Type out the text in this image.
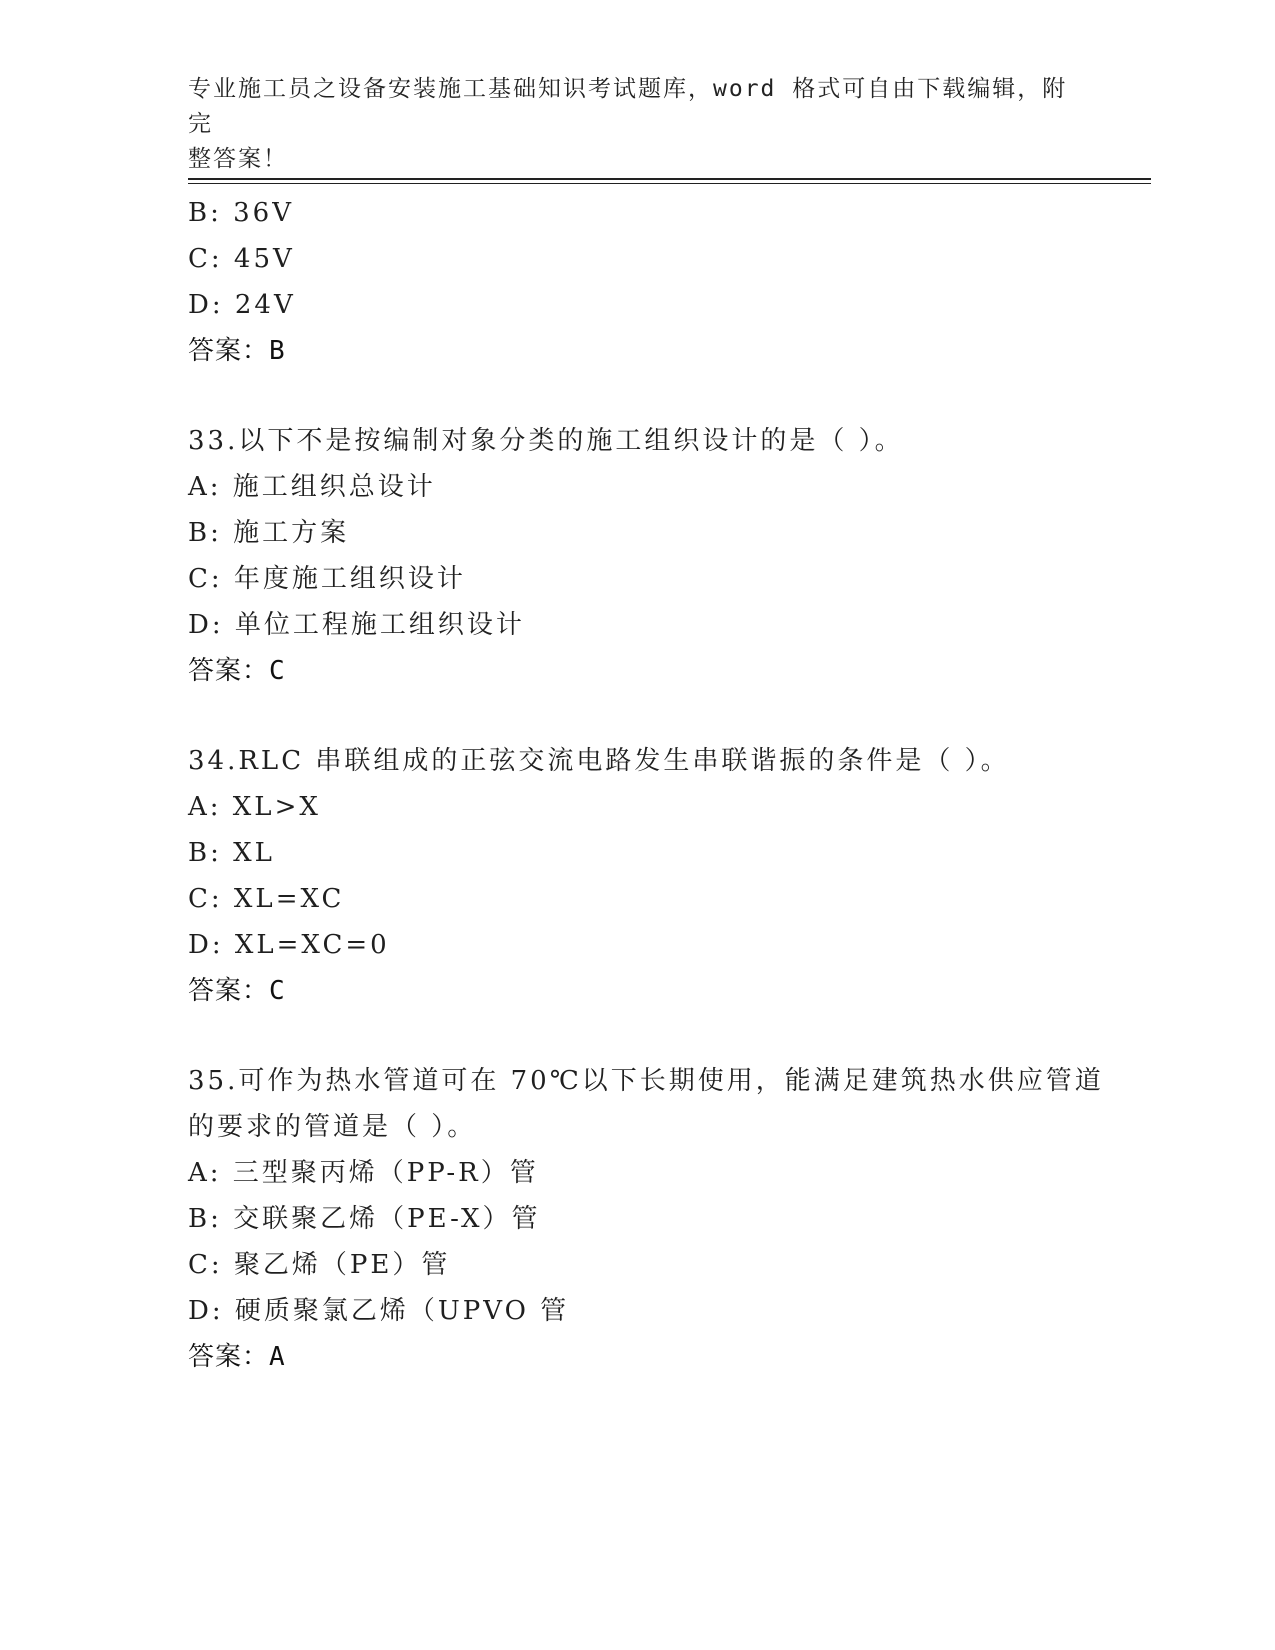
专业施工员之设备安装施工基础知识考试题库，word 格式可自由下载编辑，附完
整答案！
B: 36V
C: 45V
D: 24V
答案：B
33.以下不是按编制对象分类的施工组织设计的是（ ）。
A: 施工组织总设计
B: 施工方案
C: 年度施工组织设计
D: 单位工程施工组织设计
答案：C
34.RLC 串联组成的正弦交流电路发生串联谐振的条件是（ ）。
A: XL>X
B: XL
C: XL=XC
D: XL=XC=0
答案：C
35.可作为热水管道可在 70℃以下长期使用，能满足建筑热水供应管道
的要求的管道是（ ）。
A: 三型聚丙烯（PP-R）管
B: 交联聚乙烯（PE-X）管
C: 聚乙烯（PE）管
D: 硬质聚氯乙烯（UPVO 管
答案：A
